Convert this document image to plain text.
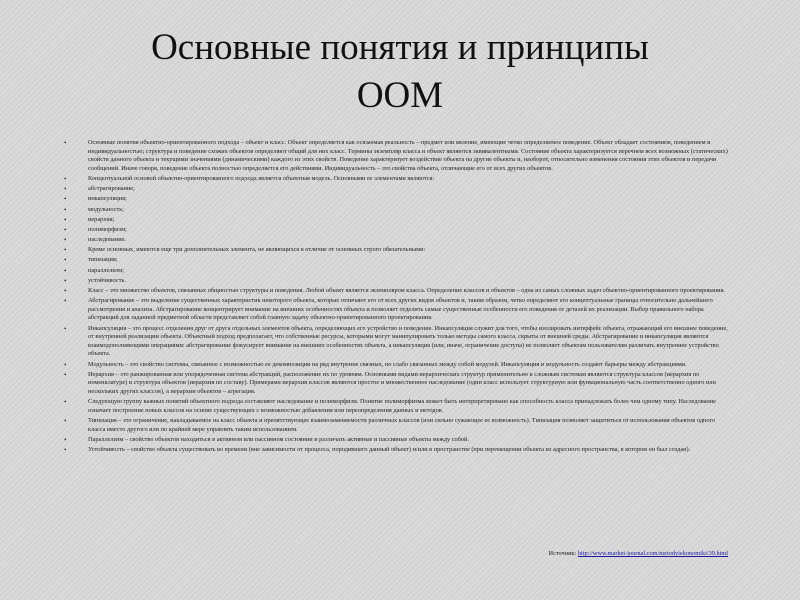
Основные понятия и принципы
ООМ
• Основные понятия объектно-ориентированного подхода – объект и класс. Объект определяется как осязаемая реальность – предмет или явление, имеющие четко определяемое поведение. Объект обладает состоянием, поведением и индивидуальностью; структура и поведение схожих объектов определяют общий для них класс. Термины экземпляр класса и объект являются эквивалентными. Состояние объекта характеризуется перечнем всех возможных (статических) свойств данного объекта и текущими значениями (динамическими) каждого из этих свойств. Поведение характеризует воздействие объекта на другие объекты и, наоборот, относительно изменения состояния этих объектов и передачи сообщений. Иначе говоря, поведение объекта полностью определяется его действиями. Индивидуальность – это свойства объекта, отличающие его от всех других объектов.
• Концептуальной основой объектно-ориентированного подхода является объектная модель. Основными ее элементами являются:
• абстрагирование;
• инкапсуляция;
• модульность;
• иерархия;
• полиморфизм;
• наследование.
• Кроме основных, имеются еще три дополнительных элемента, не являющихся в отличие от основных строго обязательными:
• типизация;
• параллелизм;
• устойчивость.
• Класс – это множество объектов, связанных общностью структуры и поведения. Любой объект является экземпляром класса. Определение классов и объектов – одна из самых сложных задач объектно-ориентированного проектирования.
• Абстрагирование – это выделение существенных характеристик некоторого объекта, которые отличают его от всех других видов объектов и, таким образом, четко определяют его концептуальные границы относительно дальнейшего рассмотрения и анализа. Абстрагирование концентрирует внимание на внешних особенностях объекта и позволяет отделить самые существенные особенности его поведения от деталей их реализации. Выбор правильного набора абстракций для заданной предметной области представляет собой главную задачу объектно-ориентированного проектирования.
• Инкапсуляция – это процесс отделения друг от друга отдельных элементов объекта, определяющих его устройство и поведение. Инкапсуляция служит для того, чтобы изолировать интерфейс объекта, отражающий его внешнее поведение, от внутренней реализации объекта. Объектный подход предполагает, что собственные ресурсы, которыми могут манипулировать только методы самого класса, скрыты от внешней среды. Абстрагирование и инкапсуляция являются взаимодополняющими операциями: абстрагирование фокусирует внимание на внешних особенностях объекта, а инкапсуляция (или, иначе, ограничение доступа) не позволяет объектам пользователям различать внутреннее устройство объекта.
• Модульность – это свойство системы, связанное с возможностью ее декомпозиции на ряд внутренне связных, но слабо связанных между собой модулей. Инкапсуляция и модульность создают барьеры между абстракциями.
• Иерархия – это ранжированная или упорядоченная система абстракций, расположение их по уровням. Основными видами иерархических структур применительно к сложным системам являются структура классов (иерархия по номенклатуре) и структура объектов (иерархия по составу). Примерами иерархии классов являются простое и множественное наследование (один класс использует структурную или функциональную часть соответственно одного или нескольких других классов), а иерархии объектов – агрегация.
• Следующую группу важных понятий объектного подхода составляют наследование и полиморфизм. Понятие полиморфизма может быть интерпретировано как способность класса принадлежать более чем одному типу. Наследование означает построение новых классов на основе существующих с возможностью добавления или переопределения данных и методов.
• Типизация – это ограничение, накладываемое на класс объекта и препятствующее взаимозаменяемости различных классов (или сильно сужающее ее возможность). Типизация позволяет защититься от использования объектов одного класса вместо другого или по крайней мере управлять таким использованием.
• Параллелизм – свойство объектов находиться в активном или пассивном состоянии и различать активные и пассивные объекты между собой.
• Устойчивость – свойство объекта существовать во времени (вне зависимости от процесса, породившего данный объект) и/или в пространстве (при перемещении объекта из адресного пространства, в котором он был создан).
Источник: http://www.market-journal.com/metodyiekonomiki/39.html
